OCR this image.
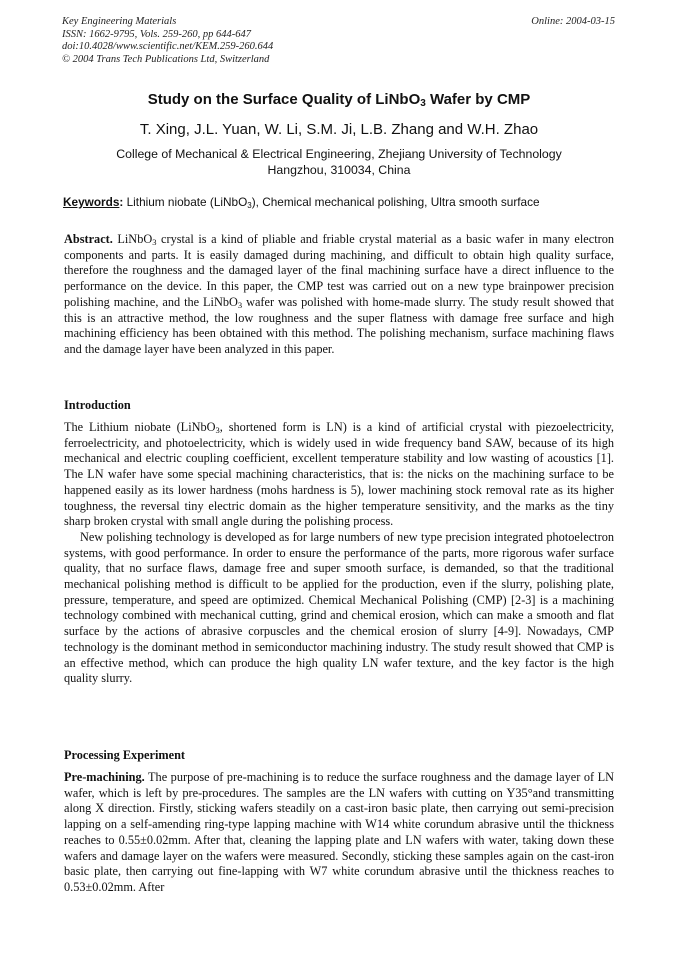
Key Engineering Materials
ISSN: 1662-9795, Vols. 259-260, pp 644-647
doi:10.4028/www.scientific.net/KEM.259-260.644
© 2004 Trans Tech Publications Ltd, Switzerland
Online: 2004-03-15
Study on the Surface Quality of LiNbO$_3$ Wafer by CMP
T. Xing, J.L. Yuan, W. Li, S.M. Ji, L.B. Zhang and W.H. Zhao
College of Mechanical & Electrical Engineering, Zhejiang University of Technology
Hangzhou, 310034, China
Keywords: Lithium niobate (LiNbO$_3$), Chemical mechanical polishing, Ultra smooth surface

Abstract. LiNbO$_3$ crystal is a kind of pliable and friable crystal material as a basic wafer in many electron components and parts. It is easily damaged during machining, and difficult to obtain high quality surface, therefore the roughness and the damaged layer of the final machining surface have a direct influence to the performance on the device. In this paper, the CMP test was carried out on a new type brainpower precision polishing machine, and the LiNbO$_3$ wafer was polished with home-made slurry. The study result showed that this is an attractive method, the low roughness and the super flatness with damage free surface and high machining efficiency has been obtained with this method. The polishing mechanism, surface machining flaws and the damage layer have been analyzed in this paper.

Introduction

The Lithium niobate (LiNbO$_3$, shortened form is LN) is a kind of artificial crystal with piezoelectricity, ferroelectricity, and photoelectricity, which is widely used in wide frequency band SAW, because of its high mechanical and electric coupling coefficient, excellent temperature stability and low wasting of acoustics [1]. The LN wafer have some special machining characteristics, that is: the nicks on the machining surface to be happened easily as its lower hardness (mohs hardness is 5), lower machining stock removal rate as its higher toughness, the reversal tiny electric domain as the higher temperature sensitivity, and the marks as the tiny sharp broken crystal with small angle during the polishing process.

New polishing technology is developed as for large numbers of new type precision integrated photoelectron systems, with good performance. In order to ensure the performance of the parts, more rigorous wafer surface quality, that no surface flaws, damage free and super smooth surface, is demanded, so that the traditional mechanical polishing method is difficult to be applied for the production, even if the slurry, polishing plate, pressure, temperature, and speed are optimized. Chemical Mechanical Polishing (CMP) [2-3] is a machining technology combined with mechanical cutting, grind and chemical erosion, which can make a smooth and flat surface by the actions of abrasive corpuscles and the chemical erosion of slurry [4-9]. Nowadays, CMP technology is the dominant method in semiconductor machining industry. The study result showed that CMP is an effective method, which can produce the high quality LN wafer texture, and the key factor is the high quality slurry.

Processing Experiment

Pre-machining. The purpose of pre-machining is to reduce the surface roughness and the damage layer of LN wafer, which is left by pre-procedures. The samples are the LN wafers with cutting on Y35°and transmitting along X direction. Firstly, sticking wafers steadily on a cast-iron basic plate, then carrying out semi-precision lapping on a self-amending ring-type lapping machine with W14 white corundum abrasive until the thickness reaches to 0.55±0.02mm. After that, cleaning the lapping plate and LN wafers with water, taking down these wafers and damage layer on the wafers were measured. Secondly, sticking these samples again on the cast-iron basic plate, then carrying out fine-lapping with W7 white corundum abrasive until the thickness reaches to 0.53±0.02mm. After
